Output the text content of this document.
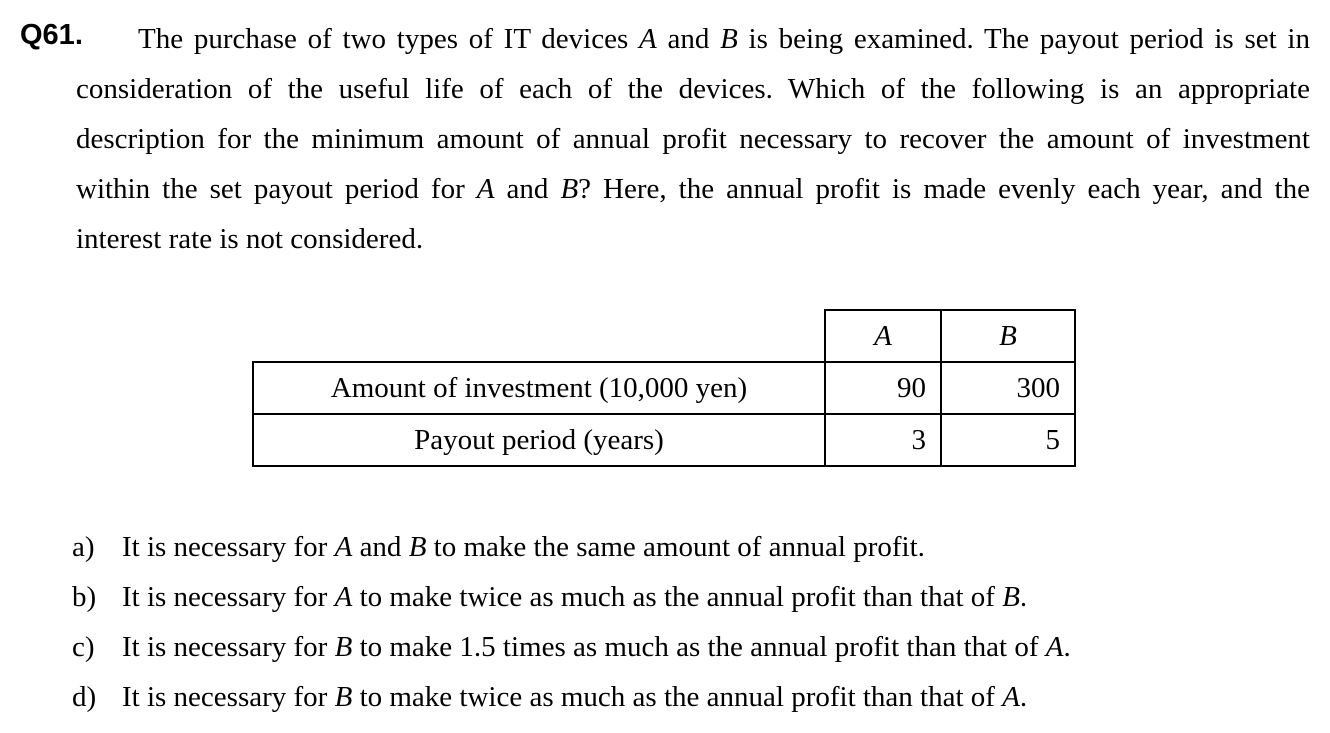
Q61.	The purchase of two types of IT devices A and B is being examined. The payout period is set in consideration of the useful life of each of the devices. Which of the following is an appropriate description for the minimum amount of annual profit necessary to recover the amount of investment within the set payout period for A and B? Here, the annual profit is made evenly each year, and the interest rate is not considered.
	A	B
Amount of investment (10,000 yen)	90	300
Payout period (years)	3	5
a) It is necessary for A and B to make the same amount of annual profit.
b) It is necessary for A to make twice as much as the annual profit than that of B.
c) It is necessary for B to make 1.5 times as much as the annual profit than that of A.
d) It is necessary for B to make twice as much as the annual profit than that of A.
